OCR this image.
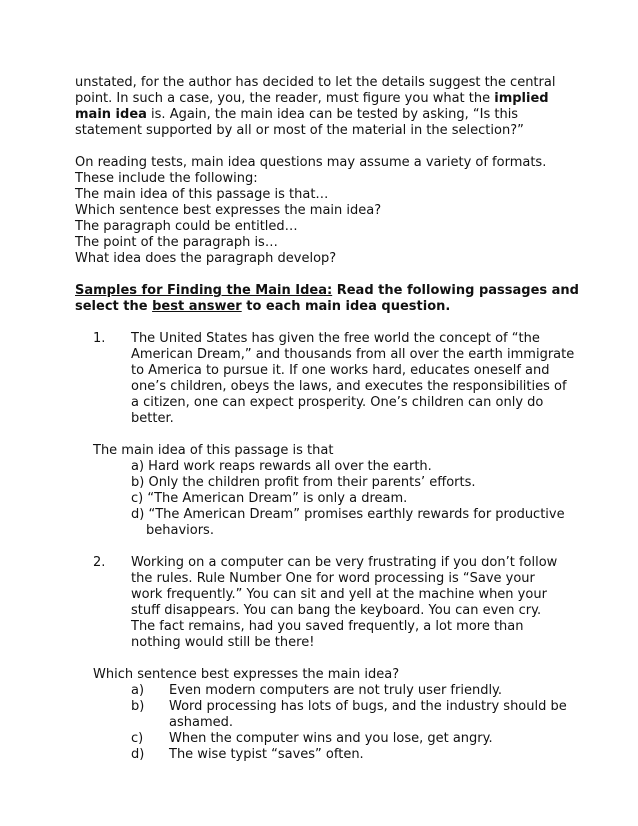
unstated, for the author has decided to let the details suggest the central

point. In such a case, you, the reader, must figure you what the implied

main idea is. Again, the main idea can be tested by asking, “Is this

statement supported by all or most of the material in the selection?”

On reading tests, main idea questions may assume a variety of formats.

These include the following:

The main idea of this passage is that…
Which sentence best expresses the main idea?
The paragraph could be entitled…
The point of the paragraph is…
What idea does the paragraph develop?

Samples for Finding the Main Idea: Read the following passages and

select the best answer to each main idea question.

1. The United States has given the free world the concept of “the
American Dream,” and thousands from all over the earth immigrate
to America to pursue it. If one works hard, educates oneself and
one’s children, obeys the laws, and executes the responsibilities of
a citizen, one can expect prosperity. One’s children can only do
better.
The main idea of this passage is that
a) Hard work reaps rewards all over the earth.
b) Only the children profit from their parents’ efforts.
c) “The American Dream” is only a dream.
d) “The American Dream” promises earthly rewards for productive
behaviors.
2. Working on a computer can be very frustrating if you don’t follow
the rules. Rule Number One for word processing is “Save your
work frequently.” You can sit and yell at the machine when your
stuff disappears. You can bang the keyboard. You can even cry.
The fact remains, had you saved frequently, a lot more than
nothing would still be there!
Which sentence best expresses the main idea?
a) Even modern computers are not truly user friendly.
b) Word processing has lots of bugs, and the industry should be
ashamed.
c) When the computer wins and you lose, get angry.
d) The wise typist “saves” often.
